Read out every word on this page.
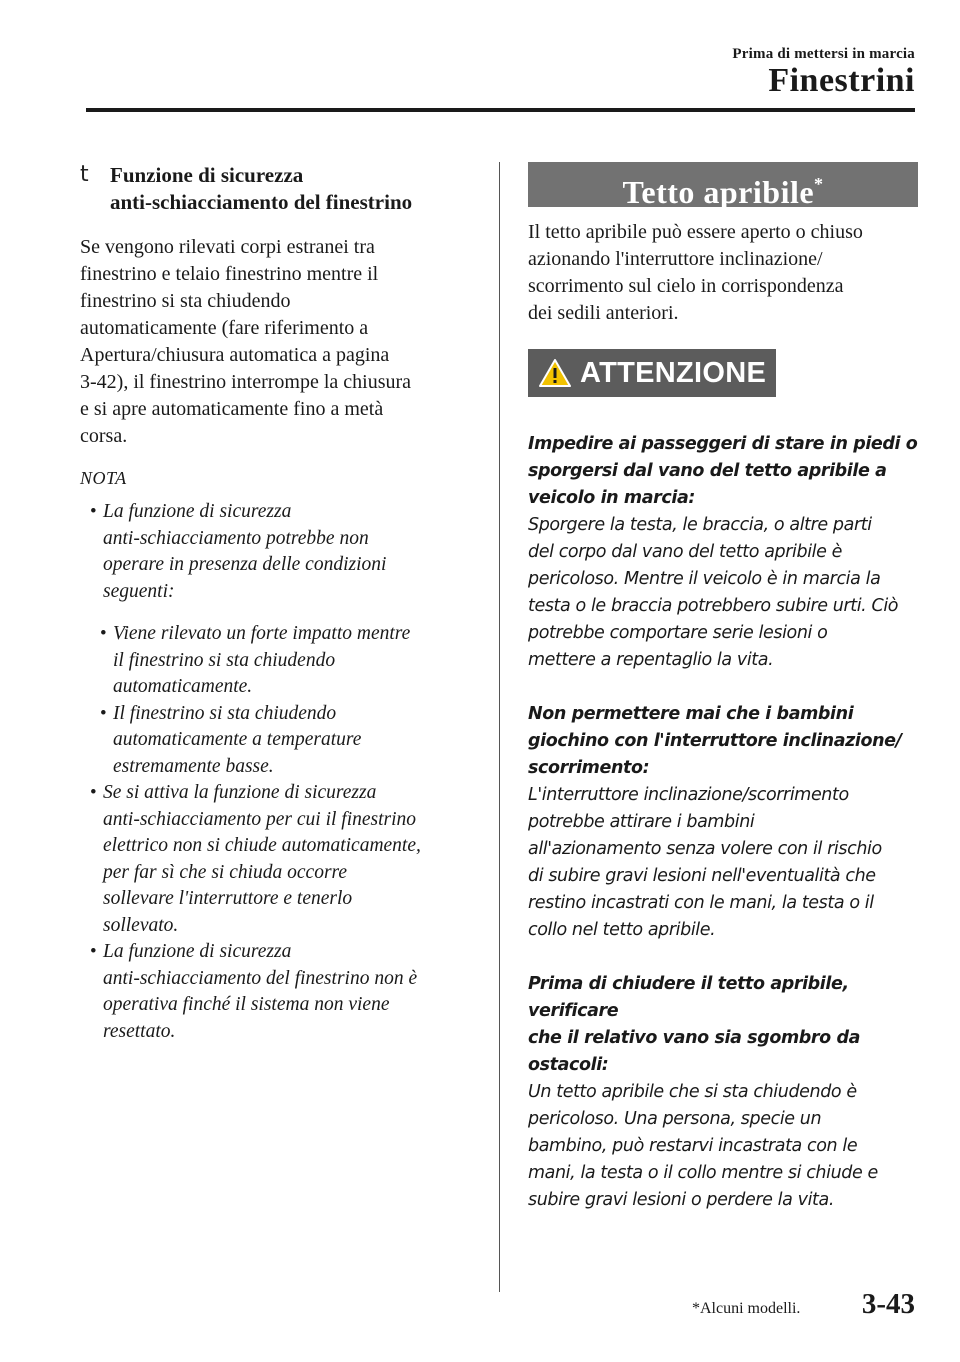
Prima di mettersi in marcia
Finestrini
t	Funzione di sicurezza
anti-schiacciamento del finestrino
Se vengono rilevati corpi estranei tra
finestrino e telaio finestrino mentre il
finestrino si sta chiudendo
automaticamente (fare riferimento a
Apertura/chiusura automatica a pagina
3-42), il finestrino interrompe la chiusura
e si apre automaticamente fino a metà
corsa.
NOTA
• La funzione di sicurezza
anti-schiacciamento potrebbe non
operare in presenza delle condizioni
seguenti:
• Viene rilevato un forte impatto mentre
il finestrino si sta chiudendo
automaticamente.
• Il finestrino si sta chiudendo
automaticamente a temperature
estremamente basse.
• Se si attiva la funzione di sicurezza
anti-schiacciamento per cui il finestrino
elettrico non si chiude automaticamente,
per far sì che si chiuda occorre
sollevare l'interruttore e tenerlo
sollevato.
• La funzione di sicurezza
anti-schiacciamento del finestrino non è
operativa finché il sistema non viene
resettato.
Tetto apribile*
Il tetto apribile può essere aperto o chiuso
azionando l'interruttore inclinazione/
scorrimento sul cielo in corrispondenza
dei sedili anteriori.
ATTENZIONE
Impedire ai passeggeri di stare in piedi o
sporgersi dal vano del tetto apribile a
veicolo in marcia:
Sporgere la testa, le braccia, o altre parti
del corpo dal vano del tetto apribile è
pericoloso. Mentre il veicolo è in marcia la
testa o le braccia potrebbero subire urti. Ciò
potrebbe comportare serie lesioni o
mettere a repentaglio la vita.
Non permettere mai che i bambini
giochino con l'interruttore inclinazione/
scorrimento:
L'interruttore inclinazione/scorrimento
potrebbe attirare i bambini
all'azionamento senza volere con il rischio
di subire gravi lesioni nell'eventualità che
restino incastrati con le mani, la testa o il
collo nel tetto apribile.
Prima di chiudere il tetto apribile, verificare
che il relativo vano sia sgombro da
ostacoli:
Un tetto apribile che si sta chiudendo è
pericoloso. Una persona, specie un
bambino, può restarvi incastrata con le
mani, la testa o il collo mentre si chiude e
subire gravi lesioni o perdere la vita.
*Alcuni modelli. 3-43
